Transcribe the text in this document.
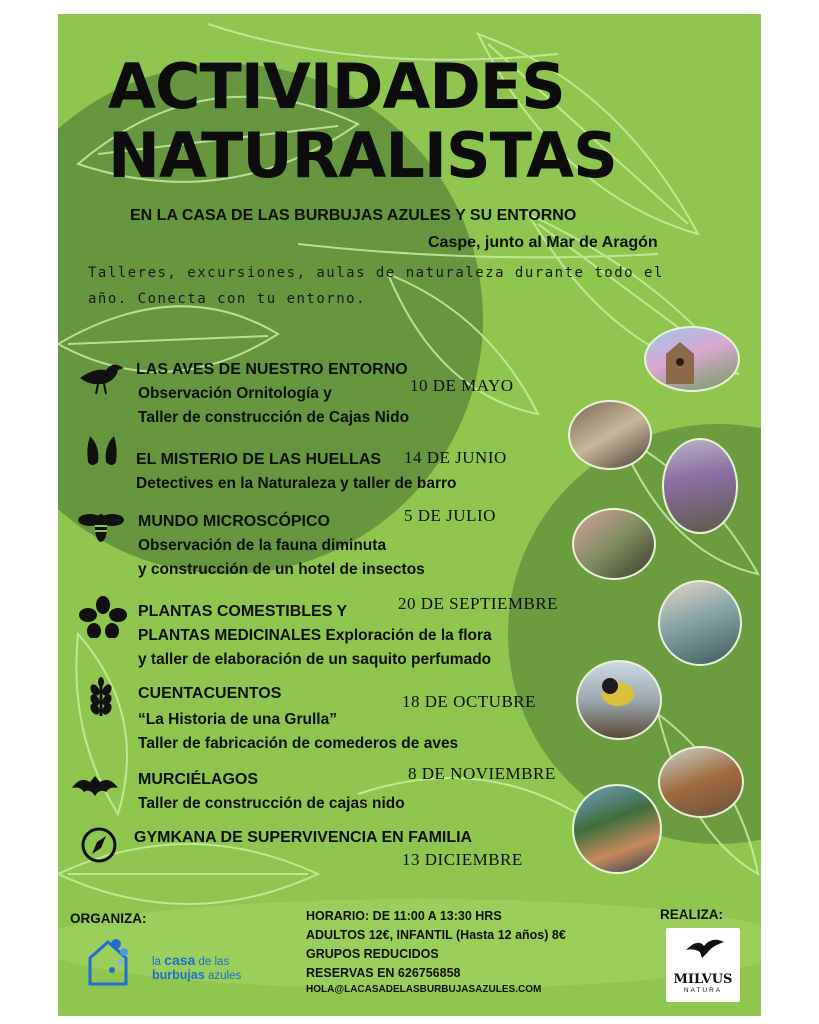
ACTIVIDADES
NATURALISTAS
EN LA CASA DE LAS BURBUJAS AZULES Y SU ENTORNO
Caspe, junto al Mar de Aragón
Talleres, excursiones, aulas de naturaleza durante todo el
año. Conecta con tu entorno.
LAS AVES DE NUESTRO ENTORNO
Observación Ornitología y
Taller de construcción de Cajas Nido
10 DE MAYO
EL MISTERIO DE LAS HUELLAS
Detectives en la Naturaleza y taller de barro
14 DE JUNIO
MUNDO MICROSCÓPICO
Observación de la fauna diminuta
y construcción de un hotel de insectos
5 DE JULIO
PLANTAS COMESTIBLES Y
PLANTAS MEDICINALES Exploración de la flora
y taller de elaboración de un saquito perfumado
20 DE SEPTIEMBRE
CUENTACUENTOS
“La Historia de una Grulla”
Taller de fabricación de comederos de aves
18 DE OCTUBRE
MURCIÉLAGOS
Taller de construcción de cajas nido
8 DE NOVIEMBRE
GYMKANA DE SUPERVIVENCIA EN FAMILIA
13 DICIEMBRE
ORGANIZA:	REALIZA:
HORARIO: DE 11:00 A 13:30 HRS
ADULTOS 12€, INFANTIL (Hasta 12 años) 8€
GRUPOS REDUCIDOS
RESERVAS EN 626756858
HOLA@LACASADELASBURBUJASAZULES.COM
la casa de las
burbujas azules	MILVUS
NATURA
